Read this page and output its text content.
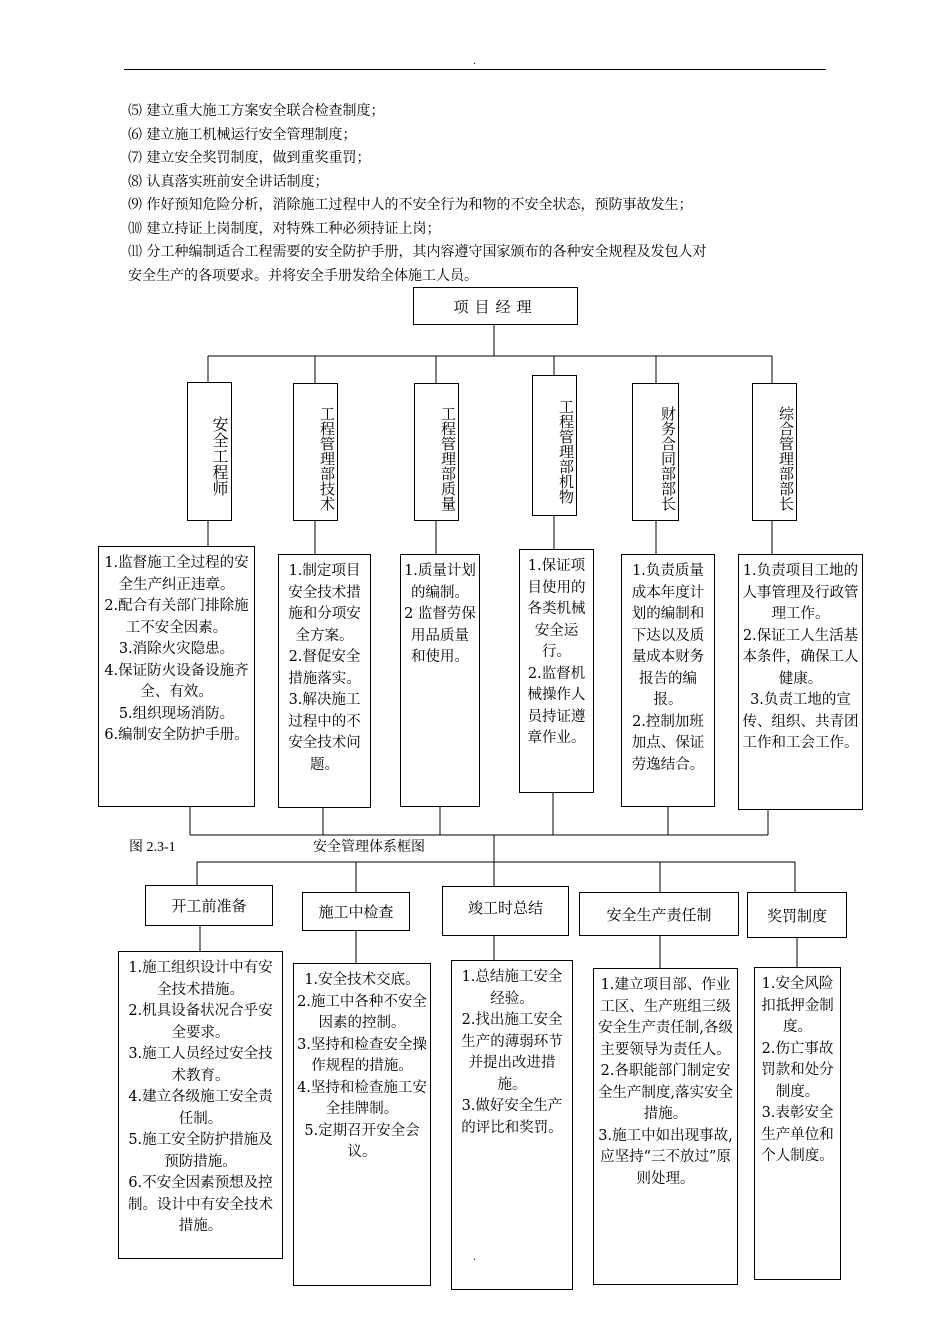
.
⑸ 建立重大施工方案安全联合检查制度；
⑹ 建立施工机械运行安全管理制度；
⑺ 建立安全奖罚制度，做到重奖重罚；
⑻ 认真落实班前安全讲话制度；
⑼ 作好预知危险分析，消除施工过程中人的不安全行为和物的不安全状态，预防事故发生；
⑽ 建立持证上岗制度，对特殊工种必须持证上岗；
⑾ 分工种编制适合工程需要的安全防护手册，其内容遵守国家颁布的各种安全规程及发包人对
安全生产的各项要求。并将安全手册发给全体施工人员。
项目经理
安全工程师	工程管理部技术	工程管理部质量	工程管理部机物	财务合同部部长	综合管理部部长
1.监督施工全过程的安全生产纠正违章。
2.配合有关部门排除施工不安全因素。
3.消除火灾隐患。
4.保证防火设备设施齐全、有效。
5.组织现场消防。
6.编制安全防护手册。
1.制定项目安全技术措施和分项安全方案。
2.督促安全措施落实。
3.解决施工过程中的不安全技术问题。
1.质量计划的编制。
2 监督劳保用品质量和使用。
1.保证项目使用的各类机械安全运行。
2.监督机械操作人员持证遵章作业。
1.负责质量成本年度计划的编制和下达以及质量成本财务报告的编报。
2.控制加班加点、保证劳逸结合。
1.负责项目工地的人事管理及行政管理工作。
2.保证工人生活基本条件，确保工人健康。
3.负责工地的宣传、组织、共青团工作和工会工作。
图 2.3-1	安全管理体系框图
开工前准备	施工中检查	竣工时总结	安全生产责任制	奖罚制度
1.施工组织设计中有安全技术措施。
2.机具设备状况合乎安全要求。
3.施工人员经过安全技术教育。
4.建立各级施工安全责任制。
5.施工安全防护措施及预防措施。
6.不安全因素预想及控制。设计中有安全技术措施。
1.安全技术交底。
2.施工中各种不安全因素的控制。
3.坚持和检查安全操作规程的措施。
4.坚持和检查施工安全挂牌制。
5.定期召开安全会议。
1.总结施工安全经验。
2.找出施工安全生产的薄弱环节并提出改进措施。
3.做好安全生产的评比和奖罚。
1.建立项目部、作业工区、生产班组三级安全生产责任制,各级主要领导为责任人。
2.各职能部门制定安全生产制度,落实安全措施。
3.施工中如出现事故,应坚持“三不放过”原则处理。
1.安全风险扣抵押金制度。
2.伤亡事故罚款和处分制度。
3.表彰安全生产单位和个人制度。
.
